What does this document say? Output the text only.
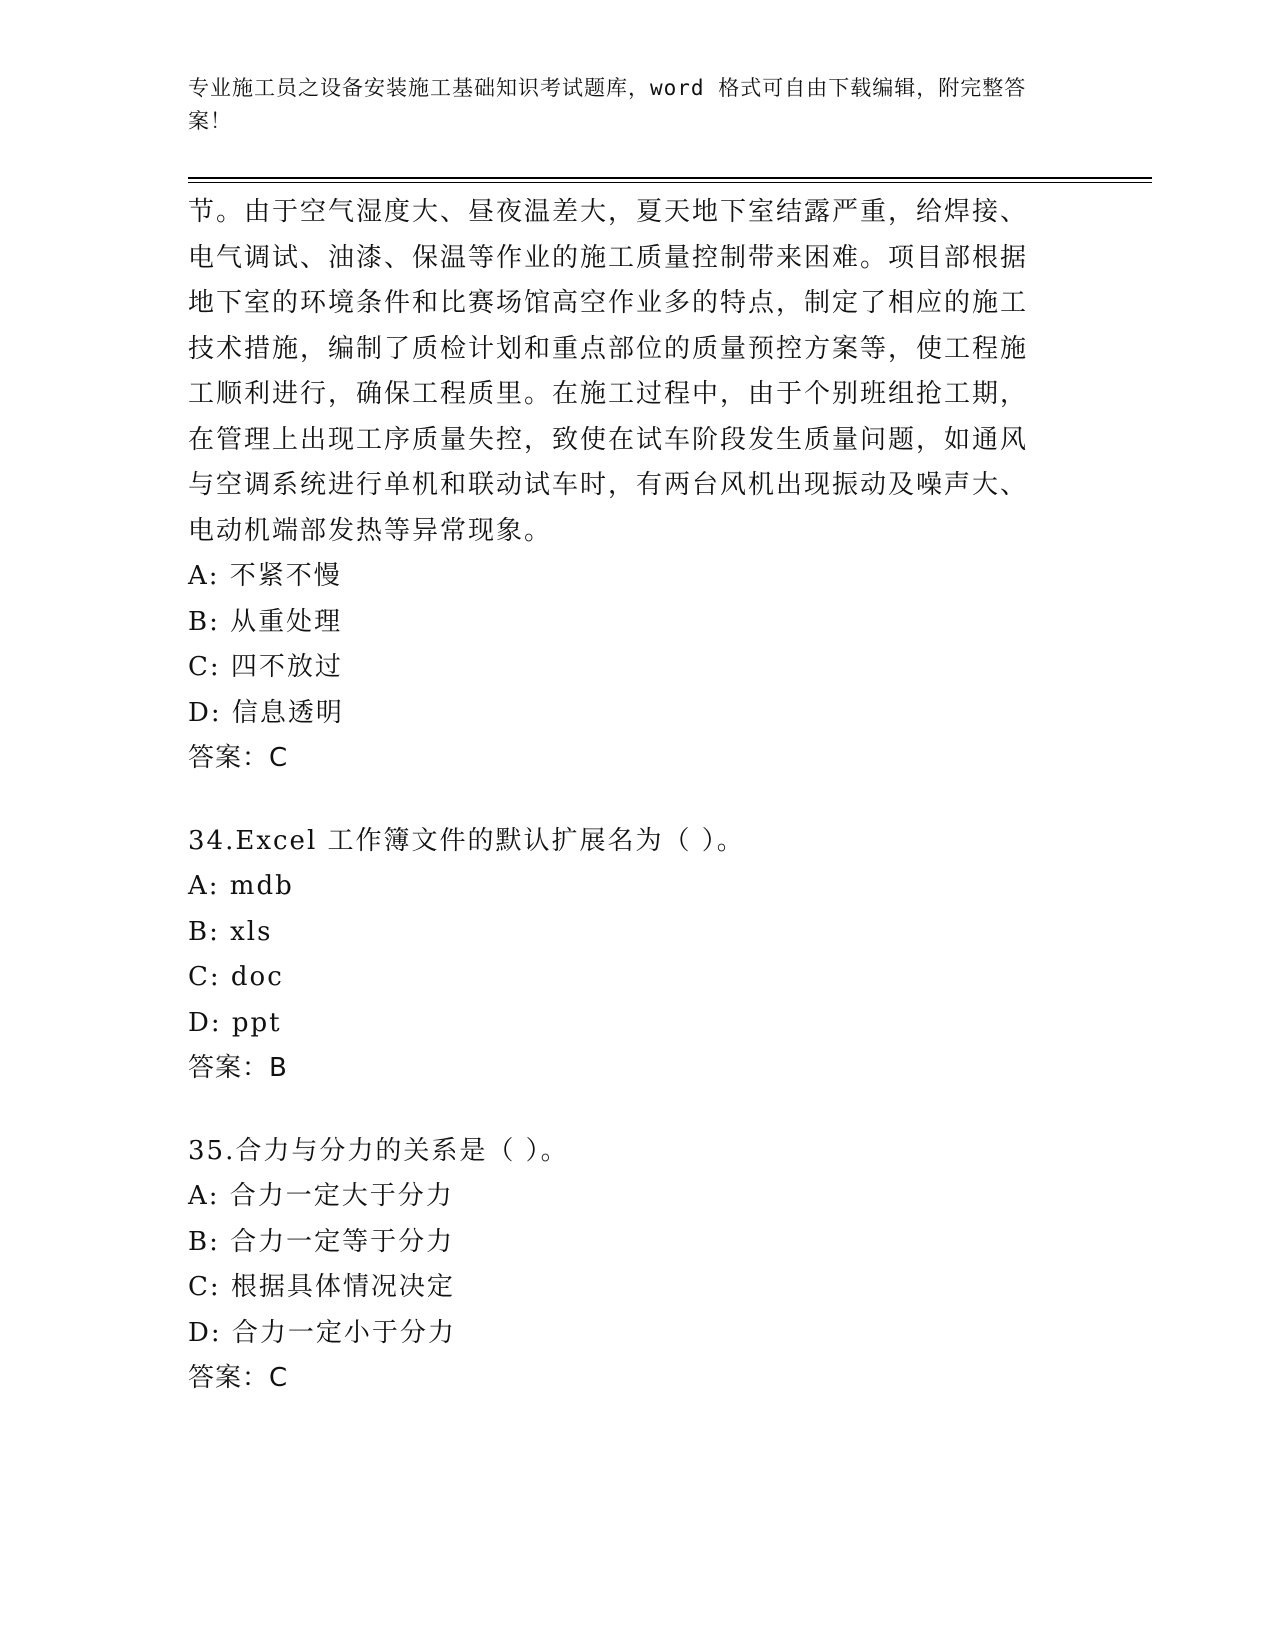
专业施工员之设备安装施工基础知识考试题库，word 格式可自由下载编辑，附完整答案！
节。由于空气湿度大、昼夜温差大，夏天地下室结露严重，给焊接、
电气调试、油漆、保温等作业的施工质量控制带来困难。项目部根据
地下室的环境条件和比赛场馆高空作业多的特点，制定了相应的施工
技术措施，编制了质检计划和重点部位的质量预控方案等，使工程施
工顺利进行，确保工程质里。在施工过程中，由于个别班组抢工期，
在管理上出现工序质量失控，致使在试车阶段发生质量问题，如通风
与空调系统进行单机和联动试车时，有两台风机出现振动及噪声大、
电动机端部发热等异常现象。
A: 不紧不慢
B: 从重处理
C: 四不放过
D: 信息透明
答案：C
34.Excel 工作簿文件的默认扩展名为（ ）。
A: mdb
B: xls
C: doc
D: ppt
答案：B
35.合力与分力的关系是（ ）。
A: 合力一定大于分力
B: 合力一定等于分力
C: 根据具体情况决定
D: 合力一定小于分力
答案：C
